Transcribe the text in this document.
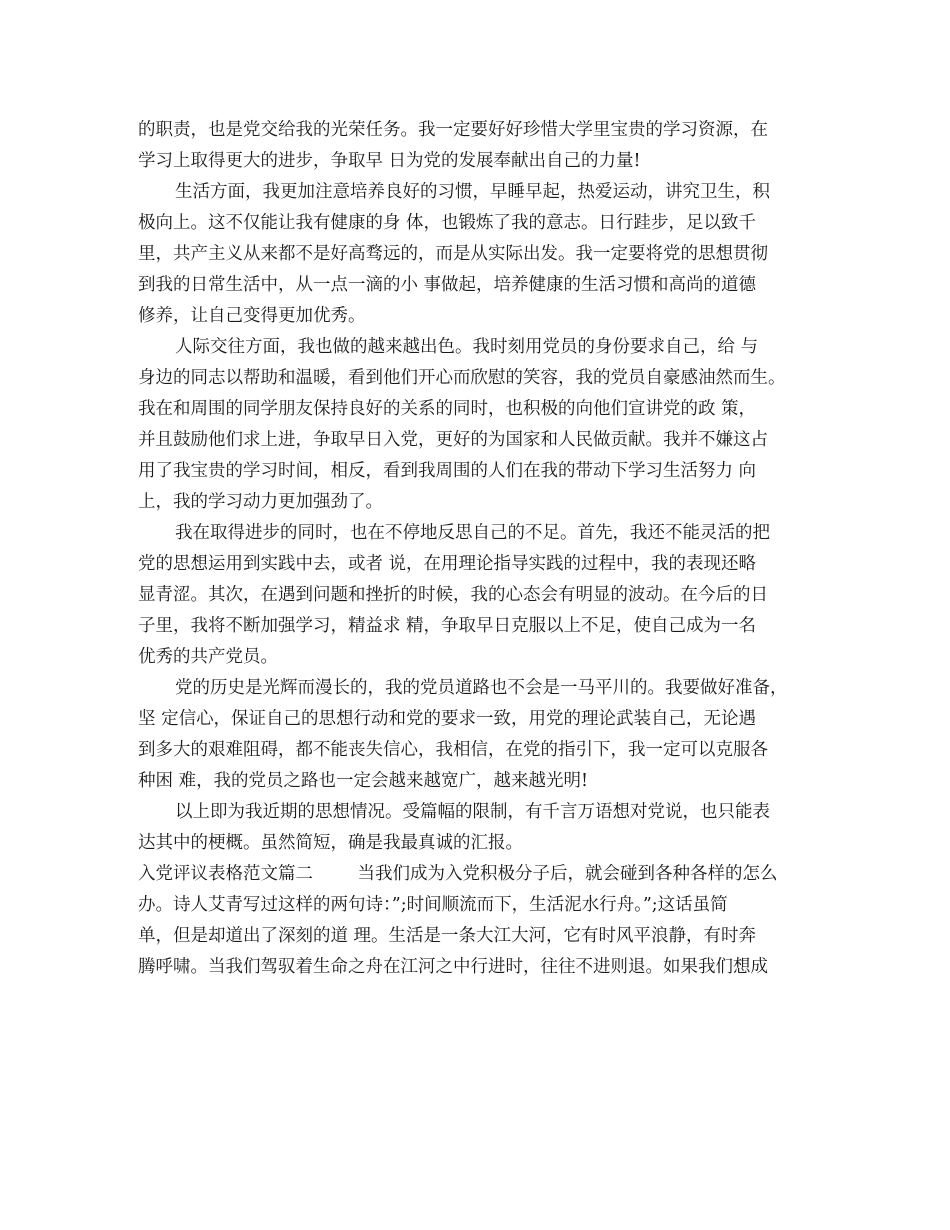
的职责，也是党交给我的光荣任务。我一定要好好珍惜大学里宝贵的学习资源，在
学习上取得更大的进步，争取早 日为党的发展奉献出自己的力量!
生活方面，我更加注意培养良好的习惯，早睡早起，热爱运动，讲究卫生，积
极向上。这不仅能让我有健康的身 体，也锻炼了我的意志。日行跬步，足以致千
里，共产主义从来都不是好高骛远的，而是从实际出发。我一定要将党的思想贯彻
到我的日常生活中，从一点一滴的小 事做起，培养健康的生活习惯和高尚的道德
修养，让自己变得更加优秀。
人际交往方面，我也做的越来越出色。我时刻用党员的身份要求自己，给 与
身边的同志以帮助和温暖，看到他们开心而欣慰的笑容，我的党员自豪感油然而生。
我在和周围的同学朋友保持良好的关系的同时，也积极的向他们宣讲党的政 策，
并且鼓励他们求上进，争取早日入党，更好的为国家和人民做贡献。我并不嫌这占
用了我宝贵的学习时间，相反，看到我周围的人们在我的带动下学习生活努力 向
上，我的学习动力更加强劲了。
我在取得进步的同时，也在不停地反思自己的不足。首先，我还不能灵活的把
党的思想运用到实践中去，或者 说，在用理论指导实践的过程中，我的表现还略
显青涩。其次，在遇到问题和挫折的时候，我的心态会有明显的波动。在今后的日
子里，我将不断加强学习，精益求 精，争取早日克服以上不足，使自己成为一名
优秀的共产党员。
党的历史是光辉而漫长的，我的党员道路也不会是一马平川的。我要做好准备，
坚 定信心，保证自己的思想行动和党的要求一致，用党的理论武装自己，无论遇
到多大的艰难阻碍，都不能丧失信心，我相信，在党的指引下，我一定可以克服各
种困 难，我的党员之路也一定会越来越宽广，越来越光明!
以上即为我近期的思想情况。受篇幅的限制，有千言万语想对党说，也只能表
达其中的梗概。虽然简短，确是我最真诚的汇报。
入党评议表格范文篇二        当我们成为入党积极分子后，就会碰到各种各样的怎么
办。诗人艾青写过这样的两句诗：”;时间顺流而下，生活泥水行舟。”;这话虽简
单，但是却道出了深刻的道 理。生活是一条大江大河，它有时风平浪静，有时奔
腾呼啸。当我们驾驭着生命之舟在江河之中行进时，往往不进则退。如果我们想成
